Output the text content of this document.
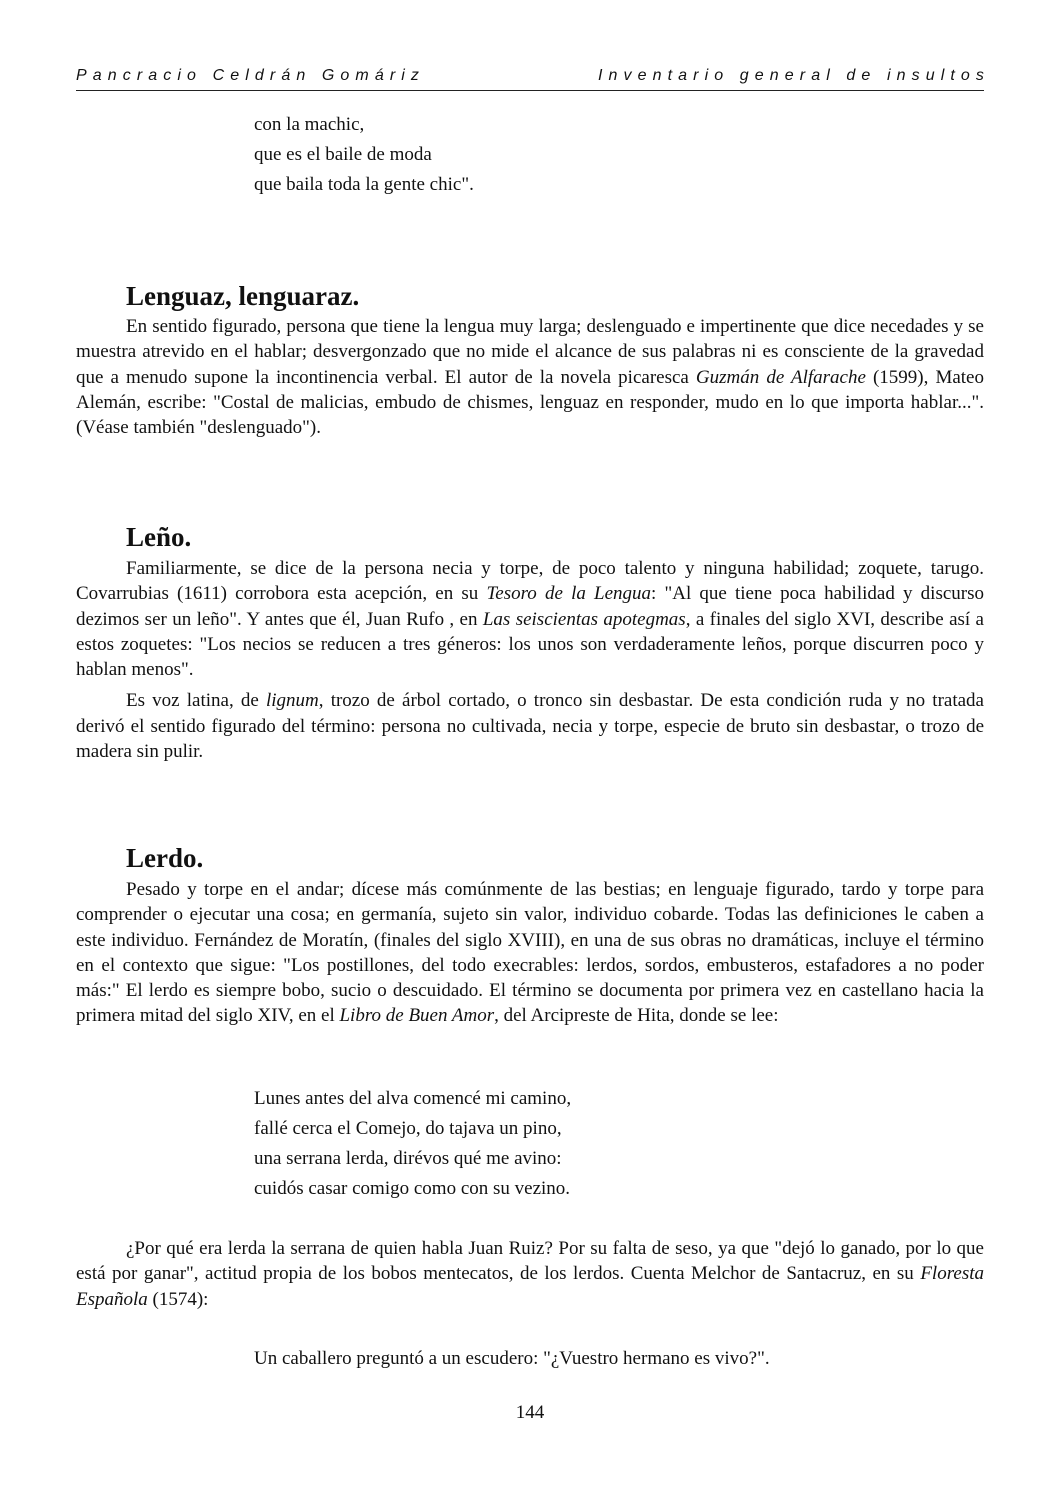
Pancracio Celdrán Gomáriz	Inventario general de insultos
con la machic,
que es el baile de moda
que baila toda la gente chic".
Lenguaz, lenguaraz.

En sentido figurado, persona que tiene la lengua muy larga; deslenguado e impertinente que dice necedades y se muestra atrevido en el hablar; desvergonzado que no mide el alcance de sus palabras ni es consciente de la gravedad que a menudo supone la incontinencia verbal. El autor de la novela picaresca Guzmán de Alfarache (1599), Mateo Alemán, escribe: "Costal de malicias, embudo de chismes, lenguaz en responder, mudo en lo que importa hablar...". (Véase también "deslenguado").

Leño.

Familiarmente, se dice de la persona necia y torpe, de poco talento y ninguna habilidad; zoquete, tarugo. Covarrubias (1611) corrobora esta acepción, en su Tesoro de la Lengua: "Al que tiene poca habilidad y discurso dezimos ser un leño". Y antes que él, Juan Rufo , en Las seiscientas apotegmas, a finales del siglo XVI, describe así a estos zoquetes: "Los necios se reducen a tres géneros: los unos son verdaderamente leños, porque discurren poco y hablan menos".

Es voz latina, de lignum, trozo de árbol cortado, o tronco sin desbastar. De esta condición ruda y no tratada derivó el sentido figurado del término: persona no cultivada, necia y torpe, especie de bruto sin desbastar, o trozo de madera sin pulir.

Lerdo.

Pesado y torpe en el andar; dícese más comúnmente de las bestias; en lenguaje figurado, tardo y torpe para comprender o ejecutar una cosa; en germanía, sujeto sin valor, individuo cobarde. Todas las definiciones le caben a este individuo. Fernández de Moratín, (finales del siglo XVIII), en una de sus obras no dramáticas, incluye el término en el contexto que sigue: "Los postillones, del todo execrables: lerdos, sordos, embusteros, estafadores a no poder más:" El lerdo es siempre bobo, sucio o descuidado. El término se documenta por primera vez en castellano hacia la primera mitad del siglo XIV, en el Libro de Buen Amor, del Arcipreste de Hita, donde se lee:

Lunes antes del alva comencé mi camino,
fallé cerca el Comejo, do tajava un pino,
una serrana lerda, dirévos qué me avino:
cuidós casar comigo como con su vezino.

¿Por qué era lerda la serrana de quien habla Juan Ruiz? Por su falta de seso, ya que "dejó lo ganado, por lo que está por ganar", actitud propia de los bobos mentecatos, de los lerdos. Cuenta Melchor de Santacruz, en su Floresta Española (1574):

Un caballero preguntó a un escudero: "¿Vuestro hermano es vivo?".
144
